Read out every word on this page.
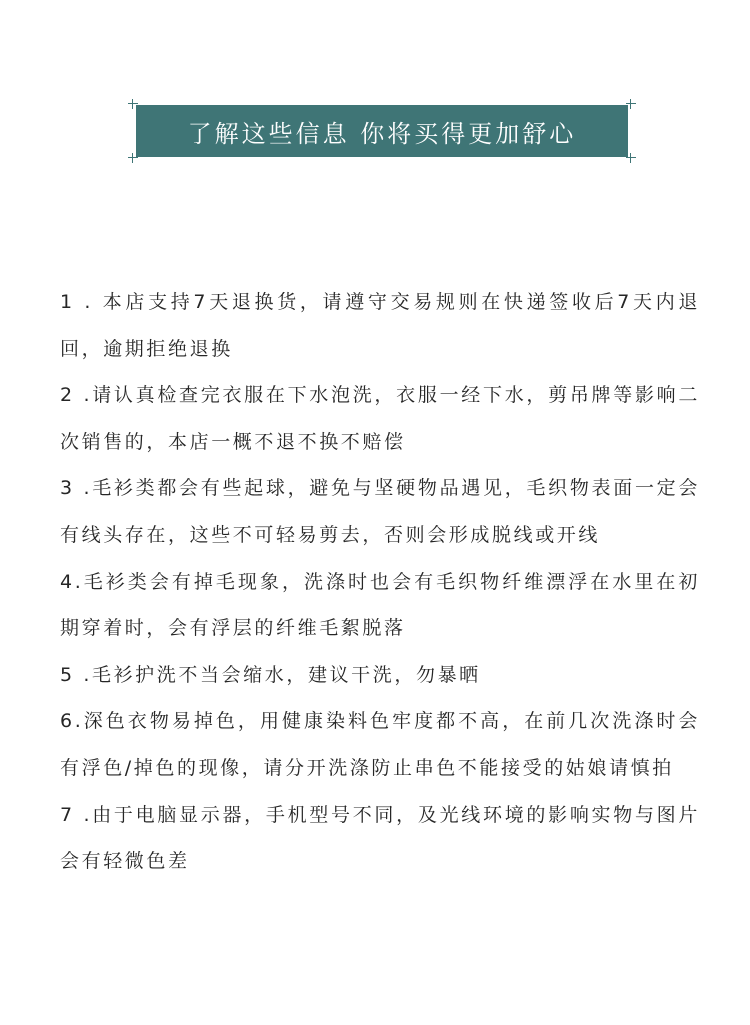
了解这些信息 你将买得更加舒心
1 . 本店支持7天退换货，请遵守交易规则在快递签收后7天内退回，逾期拒绝退换
2 .请认真检查完衣服在下水泡洗，衣服一经下水，剪吊牌等影响二次销售的，本店一概不退不换不赔偿
3 .毛衫类都会有些起球，避免与坚硬物品遇见，毛织物表面一定会有线头存在，这些不可轻易剪去，否则会形成脱线或开线
4.毛衫类会有掉毛现象，洗涤时也会有毛织物纤维漂浮在水里在初期穿着时，会有浮层的纤维毛絮脱落
5 .毛衫护洗不当会缩水，建议干洗，勿暴晒
6.深色衣物易掉色，用健康染料色牢度都不高，在前几次洗涤时会有浮色/掉色的现像，请分开洗涤防止串色不能接受的姑娘请慎拍
7 .由于电脑显示器，手机型号不同，及光线环境的影响实物与图片会有轻微色差
